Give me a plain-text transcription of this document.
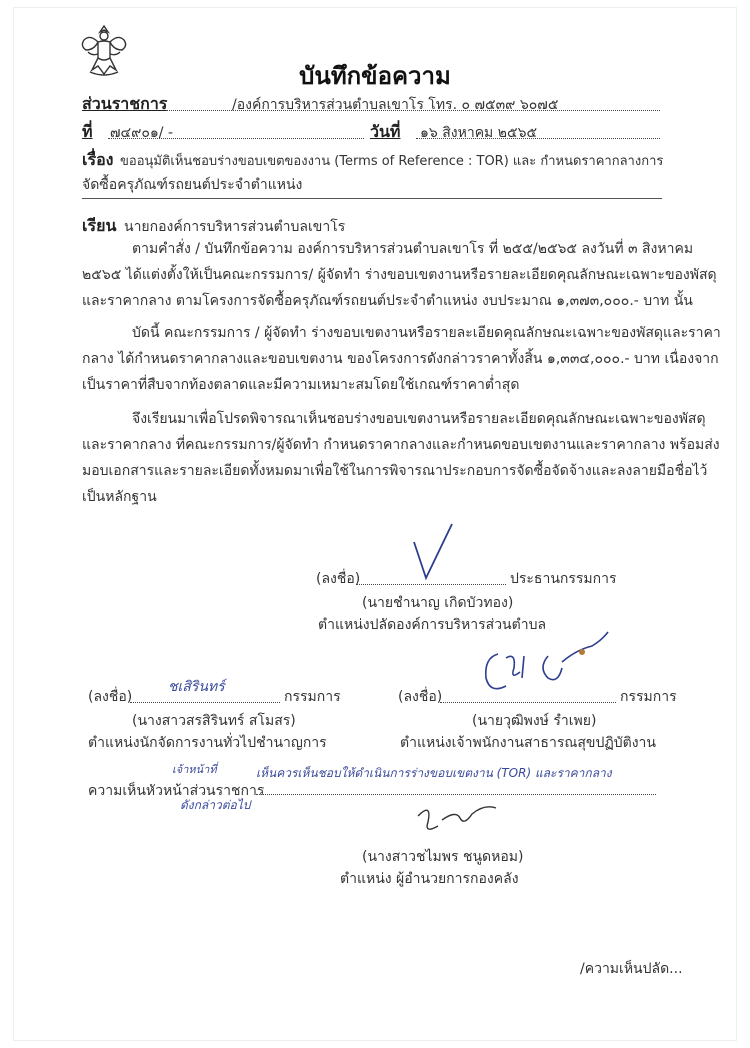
บันทึกข้อความ
ส่วนราชการ	/องค์การบริหารส่วนตำบลเขาโร โทร. ๐ ๗๕๓๙ ๖๐๗๕
ที่ ๗๔๙๐๑/ -	วันที่ ๑๖ สิงหาคม ๒๕๖๕
เรื่อง ขออนุมัติเห็นชอบร่างขอบเขตของงาน (Terms of Reference : TOR) และ กำหนดราคากลางการ
จัดซื้อครุภัณฑ์รถยนต์ประจำตำแหน่ง
เรียน นายกองค์การบริหารส่วนตำบลเขาโร
ตามคำสั่ง / บันทึกข้อความ องค์การบริหารส่วนตำบลเขาโร ที่ ๒๕๕/๒๕๖๕ ลงวันที่ ๓ สิงหาคม
๒๕๖๕ ได้แต่งตั้งให้เป็นคณะกรรมการ/ ผู้จัดทำ ร่างขอบเขตงานหรือรายละเอียดคุณลักษณะเฉพาะของพัสดุ
และราคากลาง ตามโครงการจัดซื้อครุภัณฑ์รถยนต์ประจำตำแหน่ง งบประมาณ ๑,๓๗๓,๐๐๐.- บาท นั้น
บัดนี้ คณะกรรมการ / ผู้จัดทำ ร่างขอบเขตงานหรือรายละเอียดคุณลักษณะเฉพาะของพัสดุและราคา
กลาง ได้กำหนดราคากลางและขอบเขตงาน ของโครงการดังกล่าวราคาทั้งสิ้น ๑,๓๓๔,๐๐๐.- บาท เนื่องจาก
เป็นราคาที่สืบจากท้องตลาดและมีความเหมาะสมโดยใช้เกณฑ์ราคาต่ำสุด
จึงเรียนมาเพื่อโปรดพิจารณาเห็นชอบร่างขอบเขตงานหรือรายละเอียดคุณลักษณะเฉพาะของพัสดุ
และราคากลาง ที่คณะกรรมการ/ผู้จัดทำ กำหนดราคากลางและกำหนดขอบเขตงานและราคากลาง พร้อมส่ง
มอบเอกสารและรายละเอียดทั้งหมดมาเพื่อใช้ในการพิจารณาประกอบการจัดซื้อจัดจ้างและลงลายมือชื่อไว้
เป็นหลักฐาน
(ลงชื่อ)	ประธานกรรมการ
(นายชำนาญ เกิดบัวทอง)
ตำแหน่งปลัดองค์การบริหารส่วนตำบล
(ลงชื่อ)
ชเสิรินทร์
กรรมการ
(นางสาวสรสิรินทร์ สโมสร)
ตำแหน่งนักจัดการงานทั่วไปชำนาญการ
(ลงชื่อ)	กรรมการ
(นายวุฒิพงษ์ รำเพย)
ตำแหน่งเจ้าพนักงานสาธารณสุขปฏิบัติงาน
ความเห็นหัวหน้าส่วนราชการ
เจ้าหน้าที่	เห็นควรเห็นชอบให้ดำเนินการร่างขอบเขตงาน (TOR) และราคากลาง
ดังกล่าวต่อไป
(นางสาวชไมพร ชนูดหอม)
ตำแหน่ง ผู้อำนวยการกองคลัง
/ความเห็นปลัด...
